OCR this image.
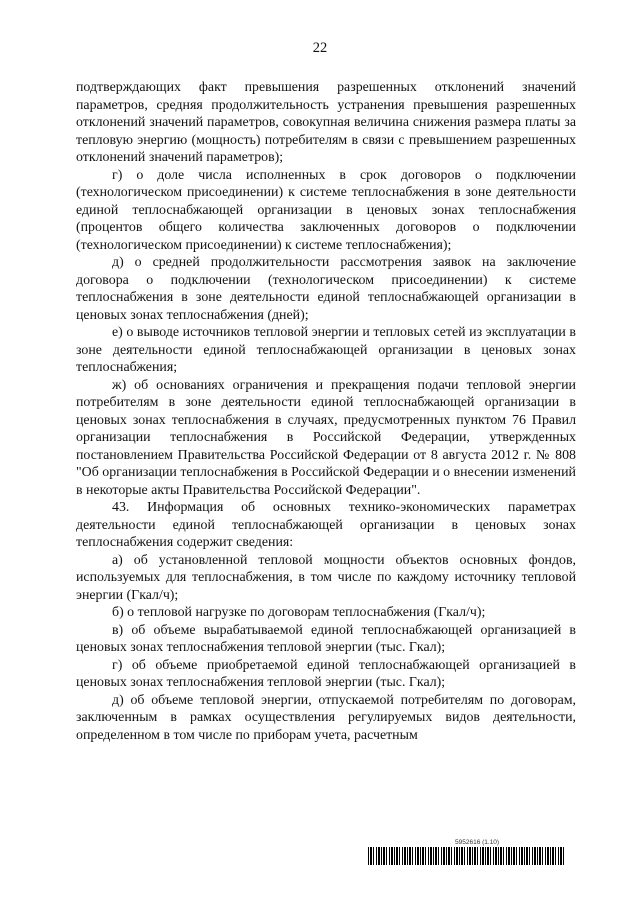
22

подтверждающих факт превышения разрешенных отклонений значений параметров, средняя продолжительность устранения превышения разрешенных отклонений значений параметров, совокупная величина снижения размера платы за тепловую энергию (мощность) потребителям в связи с превышением разрешенных отклонений значений параметров);

г) о доле числа исполненных в срок договоров о подключении (технологическом присоединении) к системе теплоснабжения в зоне деятельности единой теплоснабжающей организации в ценовых зонах теплоснабжения (процентов общего количества заключенных договоров о подключении (технологическом присоединении) к системе теплоснабжения);

д) о средней продолжительности рассмотрения заявок на заключение договора о подключении (технологическом присоединении) к системе теплоснабжения в зоне деятельности единой теплоснабжающей организации в ценовых зонах теплоснабжения (дней);

е) о выводе источников тепловой энергии и тепловых сетей из эксплуатации в зоне деятельности единой теплоснабжающей организации в ценовых зонах теплоснабжения;

ж) об основаниях ограничения и прекращения подачи тепловой энергии потребителям в зоне деятельности единой теплоснабжающей организации в ценовых зонах теплоснабжения в случаях, предусмотренных пунктом 76 Правил организации теплоснабжения в Российской Федерации, утвержденных постановлением Правительства Российской Федерации от 8 августа 2012 г. № 808 "Об организации теплоснабжения в Российской Федерации и о внесении изменений в некоторые акты Правительства Российской Федерации".

43. Информация об основных технико-экономических параметрах деятельности единой теплоснабжающей организации в ценовых зонах теплоснабжения содержит сведения:

а) об установленной тепловой мощности объектов основных фондов, используемых для теплоснабжения, в том числе по каждому источнику тепловой энергии (Гкал/ч);

б) о тепловой нагрузке по договорам теплоснабжения (Гкал/ч);

в) об объеме вырабатываемой единой теплоснабжающей организацией в ценовых зонах теплоснабжения тепловой энергии (тыс. Гкал);

г) об объеме приобретаемой единой теплоснабжающей организацией в ценовых зонах теплоснабжения тепловой энергии (тыс. Гкал);

д) об объеме тепловой энергии, отпускаемой потребителям по договорам, заключенным в рамках осуществления регулируемых видов деятельности, определенном в том числе по приборам учета, расчетным

5952616 (1.10)
